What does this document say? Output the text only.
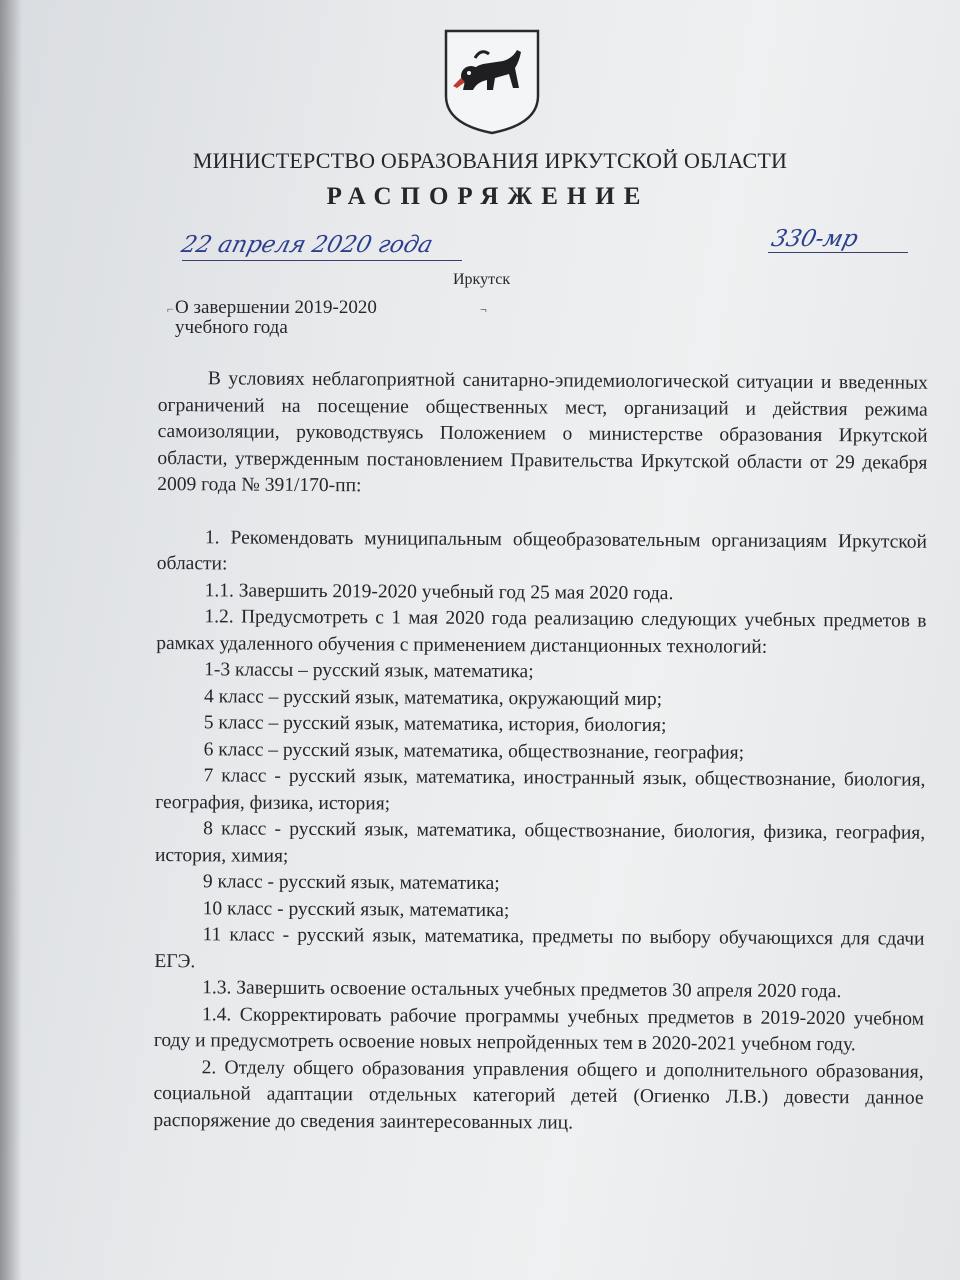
МИНИСТЕРСТВО ОБРАЗОВАНИЯ ИРКУТСКОЙ ОБЛАСТИ
РАСПОРЯЖЕНИЕ
22 апреля 2020 года	330-мр
Иркутск
⌐	¬
О завершении 2019-2020
учебного года

В условиях неблагоприятной санитарно-эпидемиологической ситуации и введенных ограничений на посещение общественных мест, организаций и действия режима самоизоляции, руководствуясь Положением о министерстве образования Иркутской области, утвержденным постановлением Правительства Иркутской области от 29 декабря 2009 года № 391/170-пп:

1. Рекомендовать муниципальным общеобразовательным организациям Иркутской области:

1.1. Завершить 2019-2020 учебный год 25 мая 2020 года.

1.2. Предусмотреть с 1 мая 2020 года реализацию следующих учебных предметов в рамках удаленного обучения с применением дистанционных технологий:

1-3 классы – русский язык, математика;

4 класс – русский язык, математика, окружающий мир;

5 класс – русский язык, математика, история, биология;

6 класс – русский язык, математика, обществознание, география;

7 класс - русский язык, математика, иностранный язык, обществознание, биология, география, физика, история;

8 класс - русский язык, математика, обществознание, биология, физика, география, история, химия;

9 класс - русский язык, математика;

10 класс - русский язык, математика;

11 класс - русский язык, математика, предметы по выбору обучающихся для сдачи ЕГЭ.

1.3. Завершить освоение остальных учебных предметов 30 апреля 2020 года.

1.4. Скорректировать рабочие программы учебных предметов в 2019-2020 учебном году и предусмотреть освоение новых непройденных тем в 2020-2021 учебном году.

2. Отделу общего образования управления общего и дополнительного образования, социальной адаптации отдельных категорий детей (Огиенко Л.В.) довести данное распоряжение до сведения заинтересованных лиц.
